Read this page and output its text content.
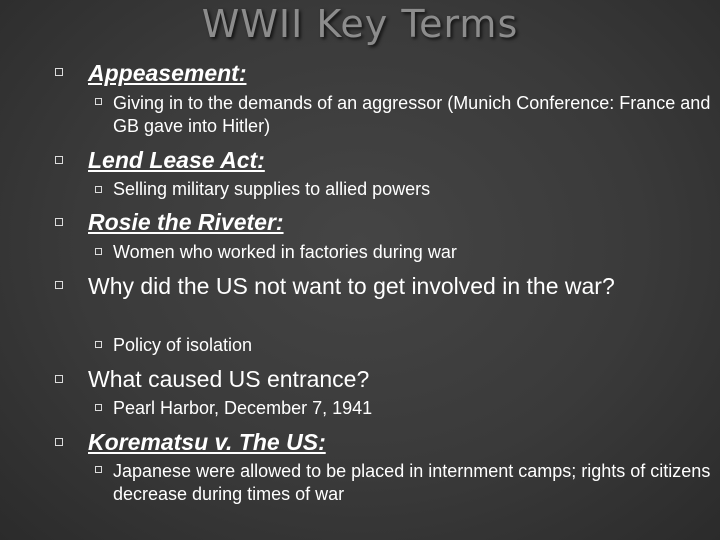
WWII Key Terms
Appeasement:
Giving in to the demands of an aggressor (Munich Conference: France and GB gave into Hitler)
Lend Lease Act:
Selling military supplies to allied powers
Rosie the Riveter:
Women who worked in factories during war
Why did the US not want to get involved in the war?
Policy of isolation
What caused US entrance?
Pearl Harbor, December 7, 1941
Korematsu v. The US:
Japanese were allowed to be placed in internment camps; rights of citizens decrease during times of war
